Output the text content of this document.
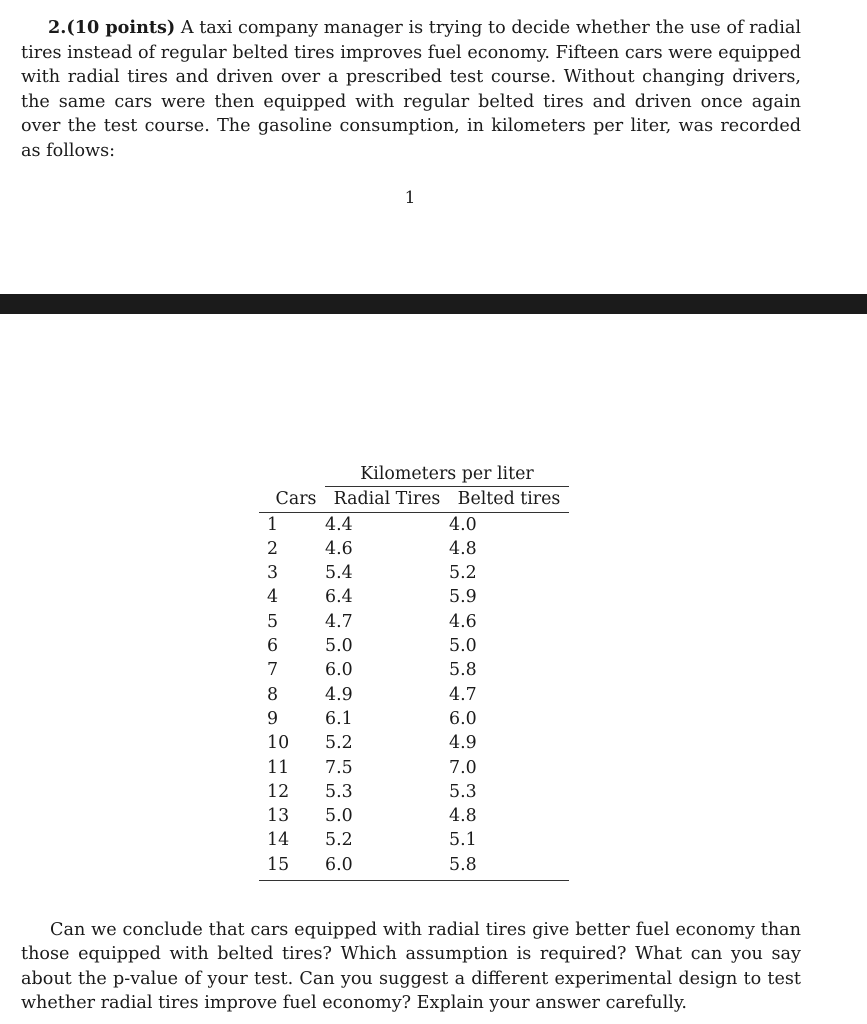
2.(10 points) A taxi company manager is trying to decide whether the use of radial tires instead of regular belted tires improves fuel economy. Fifteen cars were equipped with radial tires and driven over a prescribed test course. Without changing drivers, the same cars were then equipped with regular belted tires and driven once again over the test course. The gasoline consumption, in kilometers per liter, was recorded as follows:

1
	Kilometers per liter	
Cars	Radial Tires	Belted tires
1	4.4	4.0
2	4.6	4.8
3	5.4	5.2
4	6.4	5.9
5	4.7	4.6
6	5.0	5.0
7	6.0	5.8
8	4.9	4.7
9	6.1	6.0
10	5.2	4.9
11	7.5	7.0
12	5.3	5.3
13	5.0	4.8
14	5.2	5.1
15	6.0	5.8

Can we conclude that cars equipped with radial tires give better fuel economy than those equipped with belted tires? Which assumption is required? What can you say about the p-value of your test. Can you suggest a different experimental design to test whether radial tires improve fuel economy? Explain your answer carefully.
